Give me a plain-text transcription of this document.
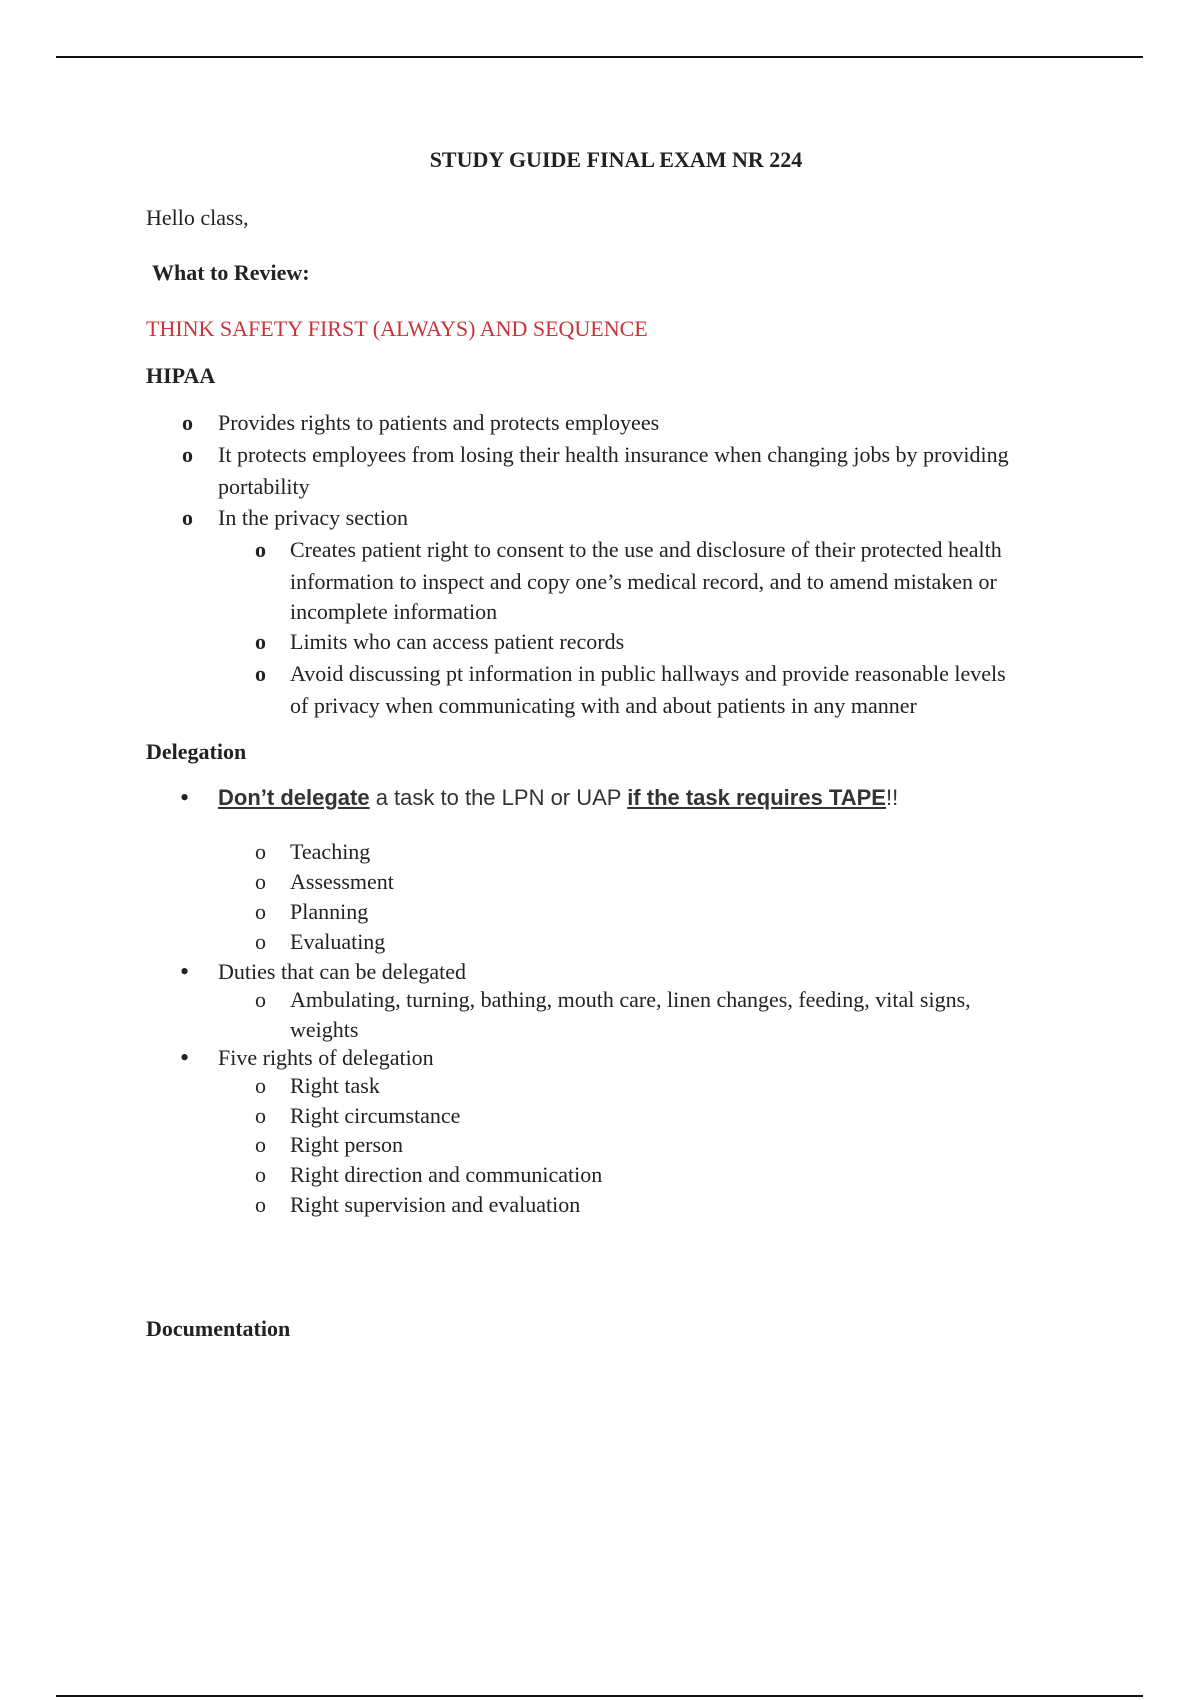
STUDY GUIDE FINAL EXAM NR 224
Hello class,
What to Review:
THINK SAFETY FIRST (ALWAYS) AND SEQUENCE
HIPAA
o Provides rights to patients and protects employees
o It protects employees from losing their health insurance when changing jobs by providing
portability
o In the privacy section
o Creates patient right to consent to the use and disclosure of their protected health
information to inspect and copy one’s medical record, and to amend mistaken or
incomplete information
o Limits who can access patient records
o Avoid discussing pt information in public hallways and provide reasonable levels
of privacy when communicating with and about patients in any manner
Delegation
• Don’t delegate a task to the LPN or UAP if the task requires TAPE!!
o Teaching
o Assessment
o Planning
o Evaluating
• Duties that can be delegated
o Ambulating, turning, bathing, mouth care, linen changes, feeding, vital signs,
weights
• Five rights of delegation
o Right task
o Right circumstance
o Right person
o Right direction and communication
o Right supervision and evaluation
Documentation
